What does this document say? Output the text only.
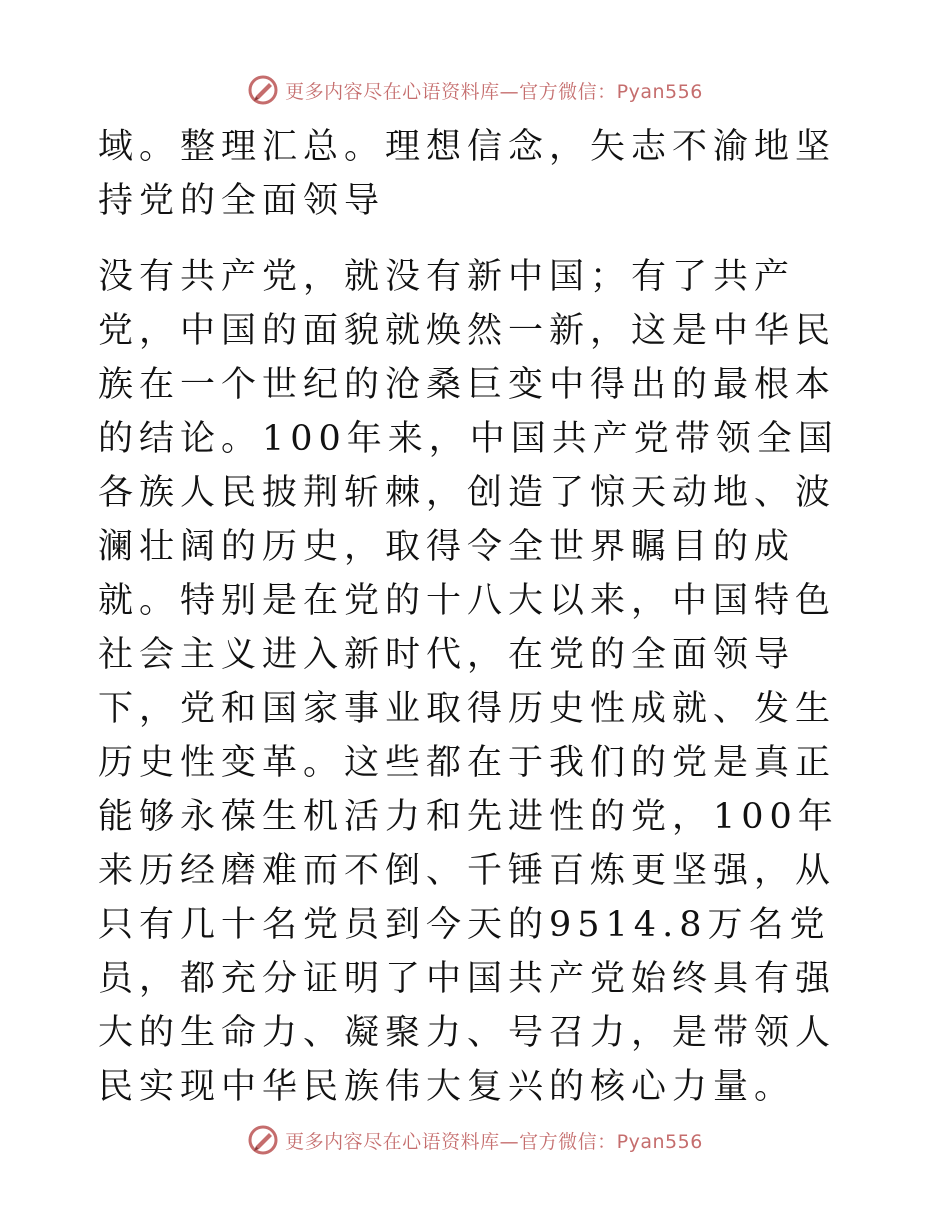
更多内容尽在心语资料库—官方微信：Pyan556

域。整理汇总。理想信念，矢志不渝地坚持党的全面领导

没有共产党，就没有新中国；有了共产党，中国的面貌就焕然一新，这是中华民族在一个世纪的沧桑巨变中得出的最根本的结论。100年来，中国共产党带领全国各族人民披荆斩棘，创造了惊天动地、波澜壮阔的历史，取得令全世界瞩目的成就。特别是在党的十八大以来，中国特色社会主义进入新时代，在党的全面领导下，党和国家事业取得历史性成就、发生历史性变革。这些都在于我们的党是真正能够永葆生机活力和先进性的党，100年来历经磨难而不倒、千锤百炼更坚强，从只有几十名党员到今天的9514.8万名党员，都充分证明了中国共产党始终具有强大的生命力、凝聚力、号召力，是带领人民实现中华民族伟大复兴的核心力量。

更多内容尽在心语资料库—官方微信：Pyan556
